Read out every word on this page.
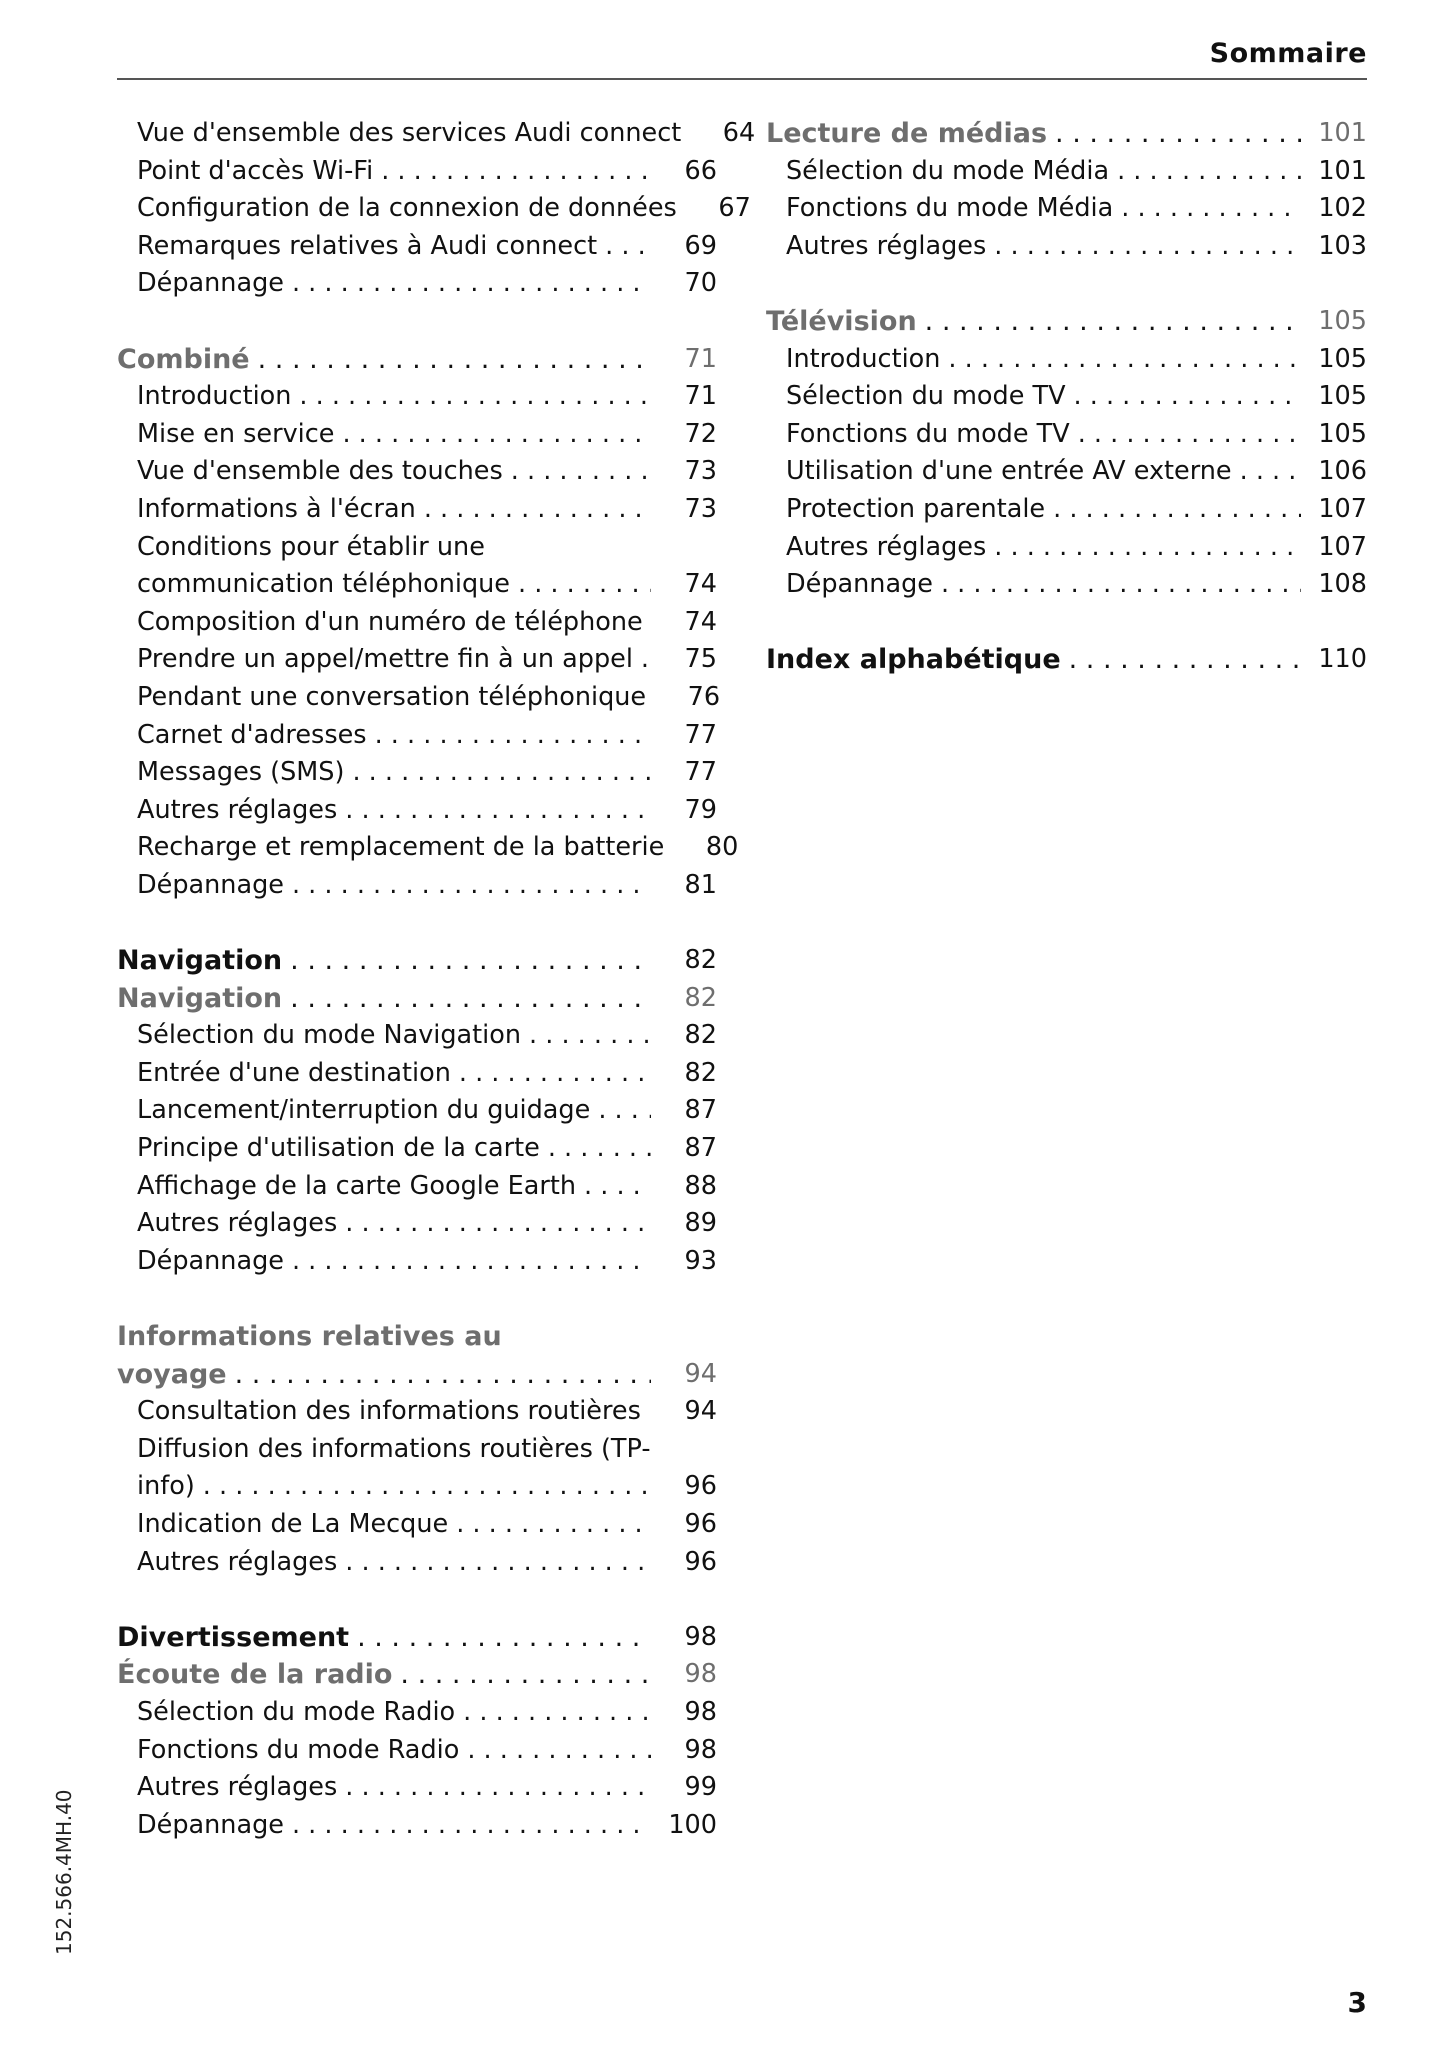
Sommaire
Vue d'ensemble des services Audi connect	64
Point d'accès Wi-Fi . . .	66
Configuration de la connexion de données	67
Remarques relatives à Audi connect . . .	69
Dépannage . . .	70
Combiné . . .	71
Introduction . . .	71
Mise en service . . .	72
Vue d'ensemble des touches . . .	73
Informations à l'écran . . .	73
Conditions pour établir une
communication téléphonique . . .	74
Composition d'un numéro de téléphone . . .	74
Prendre un appel/mettre fin à un appel . . .	75
Pendant une conversation téléphonique	76
Carnet d'adresses . . .	77
Messages (SMS) . . .	77
Autres réglages . . .	79
Recharge et remplacement de la batterie	80
Dépannage . . .	81
Navigation . . .	82
Navigation . . .	82
Sélection du mode Navigation . . .	82
Entrée d'une destination . . .	82
Lancement/interruption du guidage . . .	87
Principe d'utilisation de la carte . . .	87
Affichage de la carte Google Earth . . .	88
Autres réglages . . .	89
Dépannage . . .	93
Informations relatives au
voyage . . .	94
Consultation des informations routières . . .	94
Diffusion des informations routières (TP-
info) . . .	96
Indication de La Mecque . . .	96
Autres réglages . . .	96
Divertissement . . .	98
Écoute de la radio . . .	98
Sélection du mode Radio . . .	98
Fonctions du mode Radio . . .	98
Autres réglages . . .	99
Dépannage . . .	100
Lecture de médias . . .	101
Sélection du mode Média . . .	101
Fonctions du mode Média . . .	102
Autres réglages . . .	103
Télévision . . .	105
Introduction . . .	105
Sélection du mode TV . . .	105
Fonctions du mode TV . . .	105
Utilisation d'une entrée AV externe . . .	106
Protection parentale . . .	107
Autres réglages . . .	107
Dépannage . . .	108
Index alphabétique . . .	110
152.566.4MH.40
3
